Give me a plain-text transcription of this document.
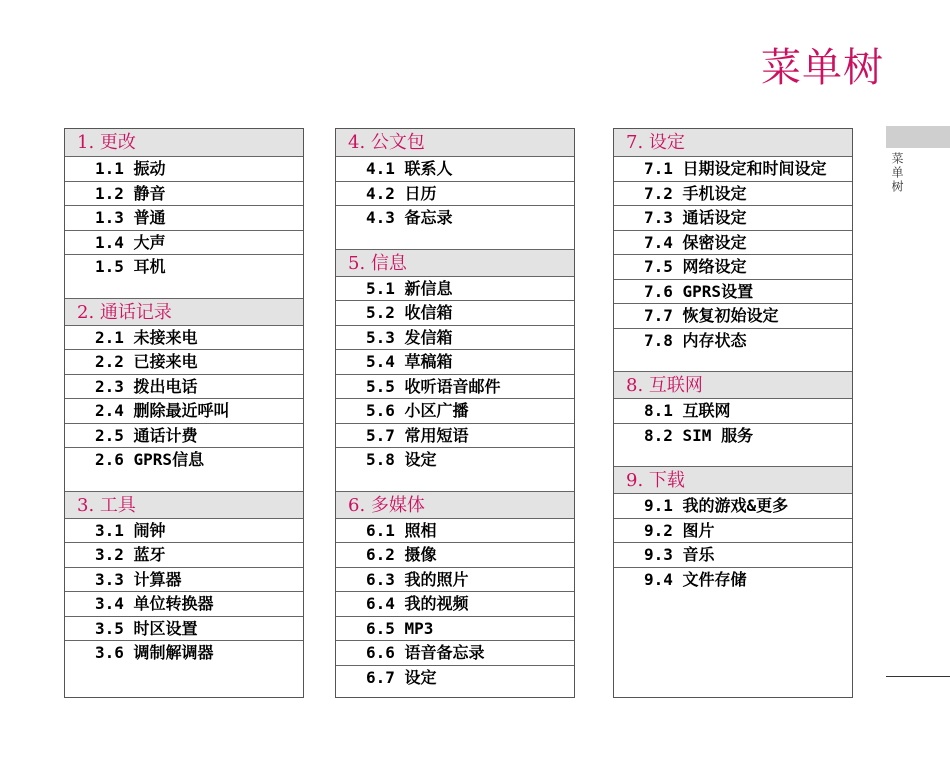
菜单树
菜单树
1. 更改
1.1 振动
1.2 静音
1.3 普通
1.4 大声
1.5 耳机
2. 通话记录
2.1 未接来电
2.2 已接来电
2.3 拨出电话
2.4 删除最近呼叫
2.5 通话计费
2.6 GPRS信息
3. 工具
3.1 闹钟
3.2 蓝牙
3.3 计算器
3.4 单位转换器
3.5 时区设置
3.6 调制解调器
4. 公文包
4.1 联系人
4.2 日历
4.3 备忘录
5. 信息
5.1 新信息
5.2 收信箱
5.3 发信箱
5.4 草稿箱
5.5 收听语音邮件
5.6 小区广播
5.7 常用短语
5.8 设定
6. 多媒体
6.1 照相
6.2 摄像
6.3 我的照片
6.4 我的视频
6.5 MP3
6.6 语音备忘录
6.7 设定
7. 设定
7.1 日期设定和时间设定
7.2 手机设定
7.3 通话设定
7.4 保密设定
7.5 网络设定
7.6 GPRS设置
7.7 恢复初始设定
7.8 内存状态
8. 互联网
8.1 互联网
8.2 SIM 服务
9. 下载
9.1 我的游戏&更多
9.2 图片
9.3 音乐
9.4 文件存储
